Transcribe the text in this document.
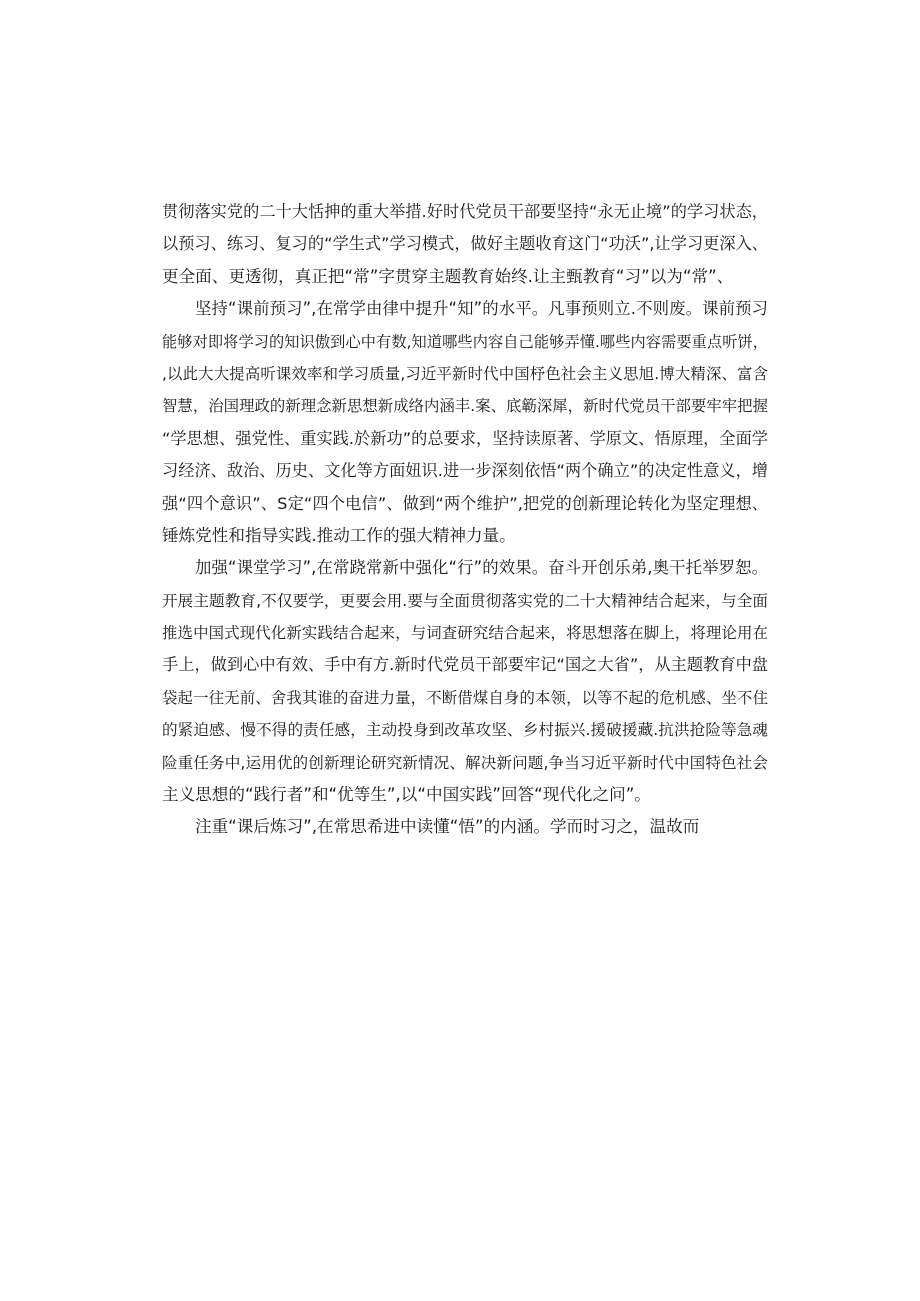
贯彻落实党的二十大恬抻的重大举措.好时代党员干部要坚持“永无止境”的学习状态，
以预习、练习、复习的“学生式”学习模式，做好主题收育这门“功沃”,让学习更深入、
更全面、更透彻，真正把“常”字贯穿主题教育始终.让主甄教育“习”以为“常”、
坚持“课前预习”,在常学由律中提升“知”的水平。凡事预则立.不则废。课前预习
能够对即将学习的知识傲到心中有数,知道哪些内容自己能够弄懂.哪些内容需要重点听饼，
,以此大大提高听课效率和学习质量,习近平新时代中国杼色社会主义思旭.博大精深、富含
智慧，治国理政的新理念新思想新成络内涵丰.案、底簕深犀，新时代党员干部要牢牢把握
“学思想、强党性、重实践.於新功”的总要求，坚持读原著、学原文、悟原理，全面学
习经济、敌治、历史、文化等方面妞识.进一步深刻依悟“两个确立”的决定性意义，增
强“四个意识”、S定“四个电信”、做到“两个维护”,把党的创新理论转化为坚定理想、
锤炼党性和指导实践.推动工作的强大精神力量。
加强“课堂学习”,在常跷常新中强化“行”的效果。奋斗开创乐弟,奧干托举罗恕。
开展主题教育,不仅要学，更要会用.要与全面贯彻落实党的二十大精神结合起来，与全面
推选中国式现代化新实践结合起来，与词査研究结合起来，将思想落在脚上，将理论用在
手上，做到心中有效、手中有方.新时代党员干部要牢记“国之大省”，从主题教育中盘
袋起一往无前、舍我其谁的奋进力量，不断借煤自身的本领，以等不起的危机感、坐不住
的紧迫感、慢不得的责任感，主动投身到改革攻坚、乡村振兴.援破援藏.抗洪抢险等急魂
险重任务中,运用优的创新理论研究新情况、解决新问题,争当习近平新时代中国特色社会
主义思想的“践行者”和“优等生”,以“中国实践”回答“现代化之问”。
注重“课后炼习”,在常思希进中读懂“悟”的内涵。学而时习之，温故而
